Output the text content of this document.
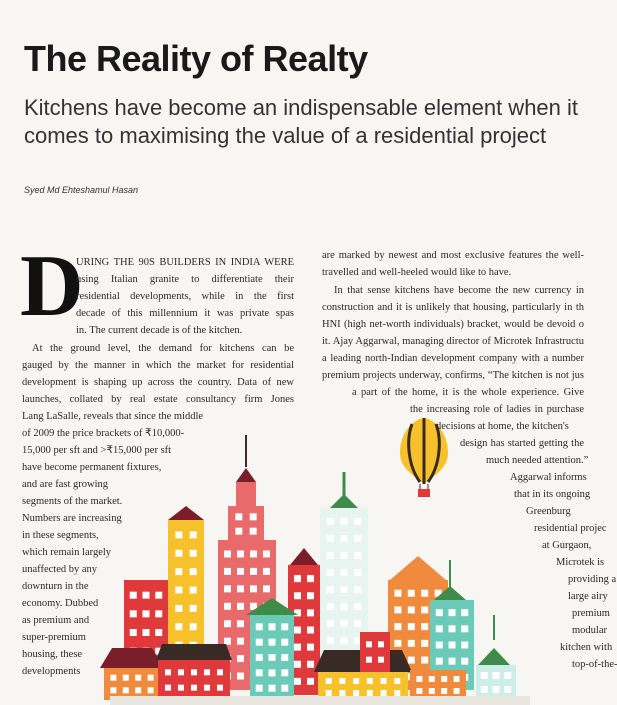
The Reality of Realty
Kitchens have become an indispensable element when it comes to maximising the value of a residential project
Syed Md Ehteshamul Hasan
D
URING THE 90S BUILDERS IN INDIA WERE
using Italian granite to differentiate their
residential developments, while in the first
decade of this millennium it was private spas
in. The current decade is of the kitchen.
At the ground level, the demand for kitchens can be
gauged by the manner in which the market for residential
development is shaping up across the country. Data of new
launches, collated by real estate consultancy firm Jones
Lang LaSalle, reveals that since the middle
of 2009 the price brackets of ₹10,000-
15,000 per sft and >₹15,000 per sft
have become permanent fixtures,
and are fast growing
segments of the market.
Numbers are increasing
in these segments,
which remain largely
unaffected by any
downturn in the
economy. Dubbed
as premium and
super-premium
housing, these
developments
are marked by newest and most exclusive features the well-
travelled and well-heeled would like to have.
In that sense kitchens have become the new currency in
construction and it is unlikely that housing, particularly in th
HNI (high net-worth individuals) bracket, would be devoid o
it. Ajay Aggarwal, managing director of Microtek Infrastructu
a leading north-Indian development company with a number
premium projects underway, confirms, “The kitchen is not jus
a part of the home, it is the whole experience. Give
the increasing role of ladies in purchase
decisions at home, the kitchen's
design has started getting the
much needed attention.”
Aggarwal informs
that in its ongoing
Greenburg
residential projec
at Gurgaon,
Microtek is
providing a
large airy
premium
modular
kitchen with
top-of-the-
